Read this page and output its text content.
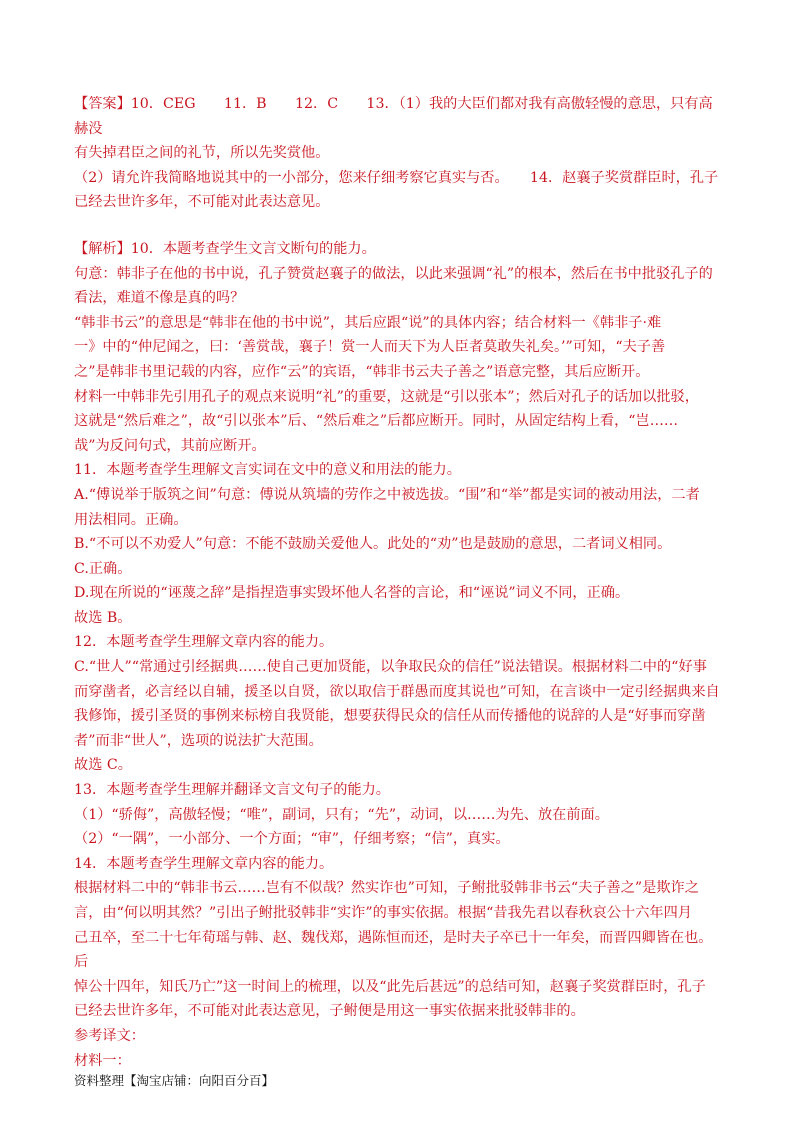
【答案】10．CEG　　11．B　　12．C　　13．（1）我的大臣们都对我有高傲轻慢的意思，只有高赫没

有失掉君臣之间的礼节，所以先奖赏他。

（2）请允许我简略地说其中的一小部分，您来仔细考察它真实与否。　　14．赵襄子奖赏群臣时，孔子

已经去世许多年，不可能对此表达意见。

【解析】10．本题考查学生文言文断句的能力。

句意：韩非子在他的书中说，孔子赞赏赵襄子的做法，以此来强调“礼”的根本，然后在书中批驳孔子的

看法，难道不像是真的吗？

“韩非书云”的意思是“韩非在他的书中说”，其后应跟“说”的具体内容；结合材料一《韩非子·难

一》中的“仲尼闻之，曰：‘善赏哉，襄子！赏一人而天下为人臣者莫敢失礼矣。’”可知，“夫子善

之”是韩非书里记载的内容，应作“云”的宾语，“韩非书云夫子善之”语意完整，其后应断开。

材料一中韩非先引用孔子的观点来说明“礼”的重要，这就是“引以张本”；然后对孔子的话加以批驳，

这就是“然后难之”，故“引以张本”后、“然后难之”后都应断开。同时，从固定结构上看，“岂……

哉”为反问句式，其前应断开。

11．本题考查学生理解文言实词在文中的意义和用法的能力。

A.“傅说举于版筑之间”句意：傅说从筑墙的劳作之中被选拔。“围”和“举”都是实词的被动用法，二者

用法相同。正确。

B.“不可以不劝爱人”句意：不能不鼓励关爱他人。此处的“劝”也是鼓励的意思，二者词义相同。

C.正确。

D.现在所说的“诬蔑之辞”是指捏造事实毁坏他人名誉的言论，和“诬说”词义不同，正确。

故选 B。

12．本题考查学生理解文章内容的能力。

C.“世人”“常通过引经据典……使自己更加贤能，以争取民众的信任”说法错误。根据材料二中的“好事

而穿凿者，必言经以自辅，援圣以自贤，欲以取信于群愚而度其说也”可知，在言谈中一定引经据典来自

我修饰，援引圣贤的事例来标榜自我贤能，想要获得民众的信任从而传播他的说辞的人是“好事而穿凿

者”而非“世人”，选项的说法扩大范围。

故选 C。

13．本题考查学生理解并翻译文言文句子的能力。

（1）“骄侮”，高傲轻慢；“唯”，副词，只有；“先”，动词，以……为先、放在前面。

（2）“一隅”，一小部分、一个方面；“审”，仔细考察；“信”，真实。

14．本题考查学生理解文章内容的能力。

根据材料二中的“韩非书云……岂有不似哉？然实诈也”可知，子鲋批驳韩非书云“夫子善之”是欺诈之

言，由“何以明其然？”引出子鲋批驳韩非“实诈”的事实依据。根据“昔我先君以春秋哀公十六年四月

己丑卒，至二十七年荀瑶与韩、赵、魏伐郑，遇陈恒而还，是时夫子卒已十一年矣，而晋四卿皆在也。后

悼公十四年，知氏乃亡”这一时间上的梳理，以及“此先后甚远”的总结可知，赵襄子奖赏群臣时，孔子

已经去世许多年，不可能对此表达意见，子鲋便是用这一事实依据来批驳韩非的。

参考译文：

材料一：

资料整理【淘宝店铺：向阳百分百】
